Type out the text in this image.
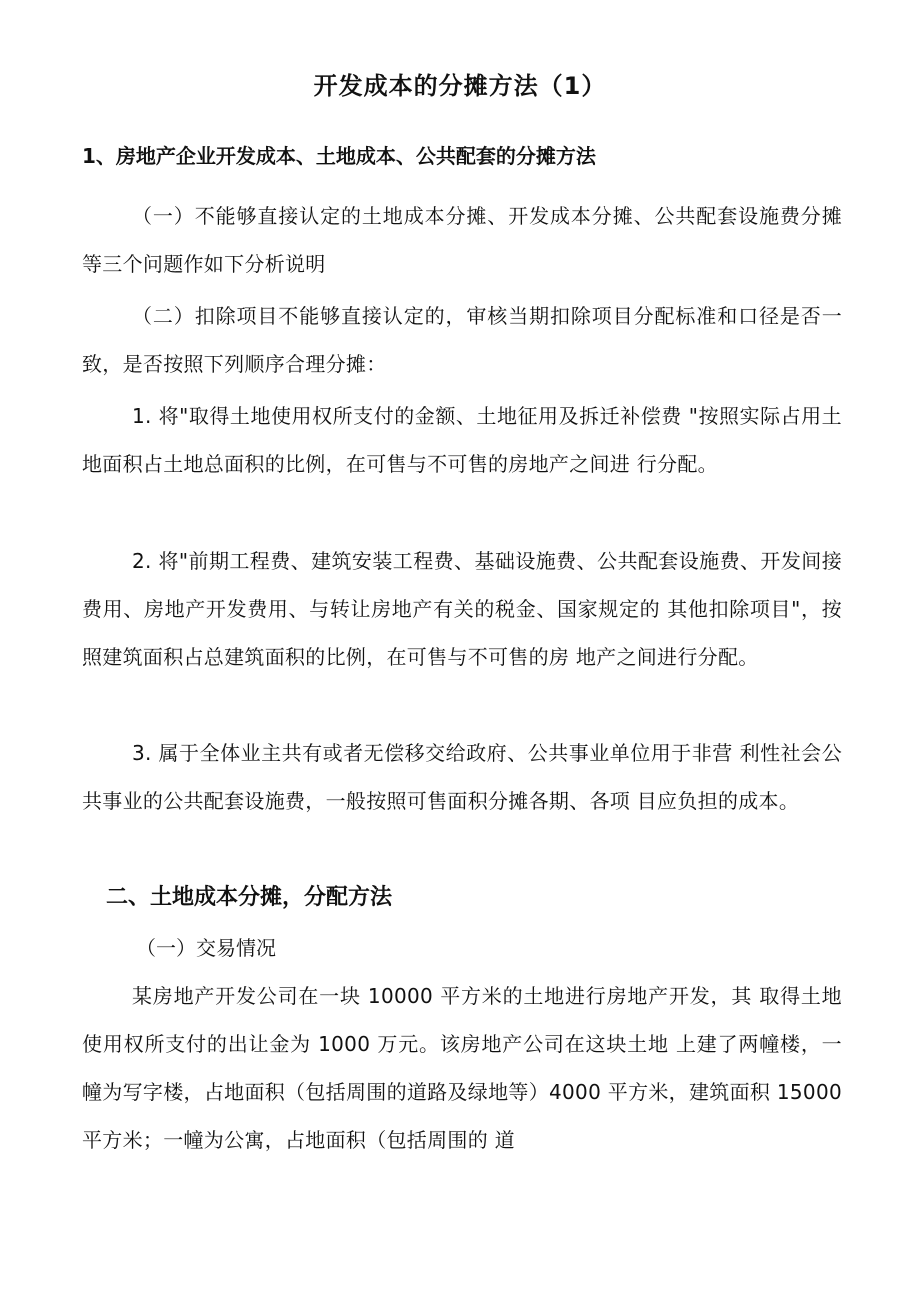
开发成本的分摊方法（1）
1、房地产企业开发成本、土地成本、公共配套的分摊方法
（一）不能够直接认定的土地成本分摊、开发成本分摊、公共配套设施费分摊等三个问题作如下分析说明
（二）扣除项目不能够直接认定的，审核当期扣除项目分配标准和口径是否一致，是否按照下列顺序合理分摊：
1. 将"取得土地使用权所支付的金额、土地征用及拆迁补偿费 "按照实际占用土地面积占土地总面积的比例，在可售与不可售的房地产之间进 行分配。
2. 将"前期工程费、建筑安装工程费、基础设施费、公共配套设施费、开发间接费用、房地产开发费用、与转让房地产有关的税金、国家规定的 其他扣除项目"，按照建筑面积占总建筑面积的比例，在可售与不可售的房 地产之间进行分配。
3. 属于全体业主共有或者无偿移交给政府、公共事业单位用于非营 利性社会公共事业的公共配套设施费，一般按照可售面积分摊各期、各项 目应负担的成本。
二、土地成本分摊，分配方法
（一）交易情况
某房地产开发公司在一块 10000 平方米的土地进行房地产开发，其 取得土地使用权所支付的出让金为 1000 万元。该房地产公司在这块土地 上建了两幢楼，一幢为写字楼，占地面积（包括周围的道路及绿地等）4000 平方米，建筑面积 15000 平方米；一幢为公寓，占地面积（包括周围的 道
